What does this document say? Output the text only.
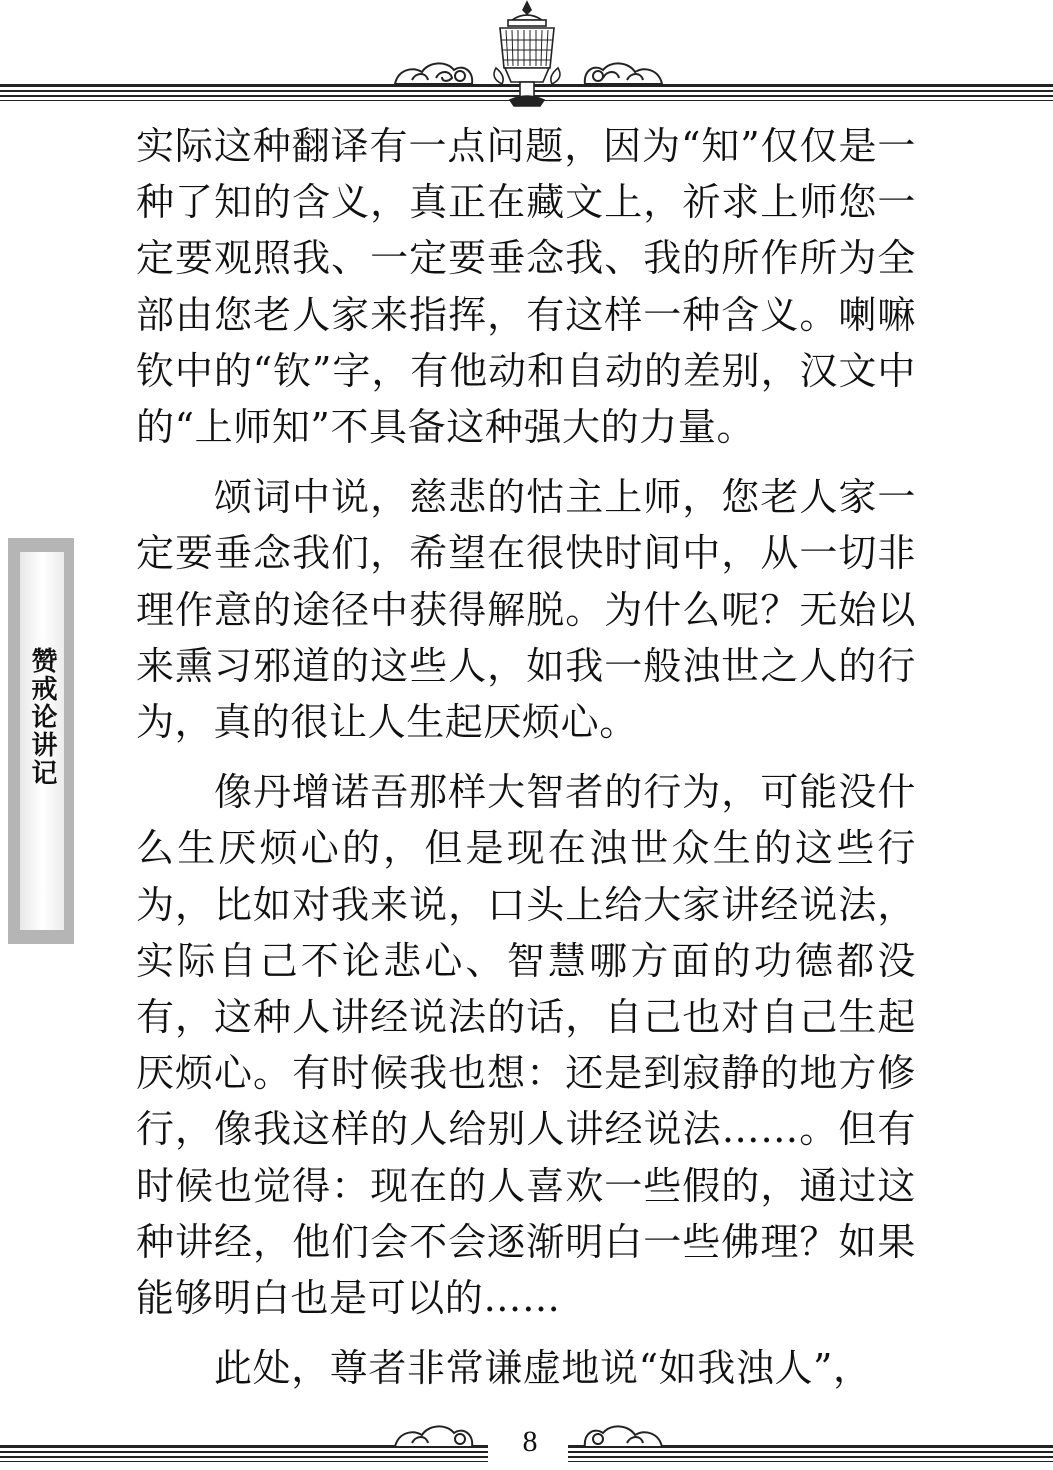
实际这种翻译有一点问题，因为“知”仅仅是一种了知的含义，真正在藏文上，祈求上师您一定要观照我、一定要垂念我、我的所作所为全部由您老人家来指挥，有这样一种含义。喇嘛钦中的“钦”字，有他动和自动的差别，汉文中的“上师知”不具备这种强大的力量。

颂词中说，慈悲的怙主上师，您老人家一定要垂念我们，希望在很快时间中，从一切非理作意的途径中获得解脱。为什么呢？无始以来熏习邪道的这些人，如我一般浊世之人的行为，真的很让人生起厌烦心。

像丹增诺吾那样大智者的行为，可能没什么生厌烦心的，但是现在浊世众生的这些行为，比如对我来说，口头上给大家讲经说法，实际自己不论悲心、智慧哪方面的功德都没有，这种人讲经说法的话，自己也对自己生起厌烦心。有时候我也想：还是到寂静的地方修行，像我这样的人给别人讲经说法……。但有时候也觉得：现在的人喜欢一些假的，通过这种讲经，他们会不会逐渐明白一些佛理？如果能够明白也是可以的……

此处，尊者非常谦虚地说“如我浊人”，

赞戒论讲记
8
